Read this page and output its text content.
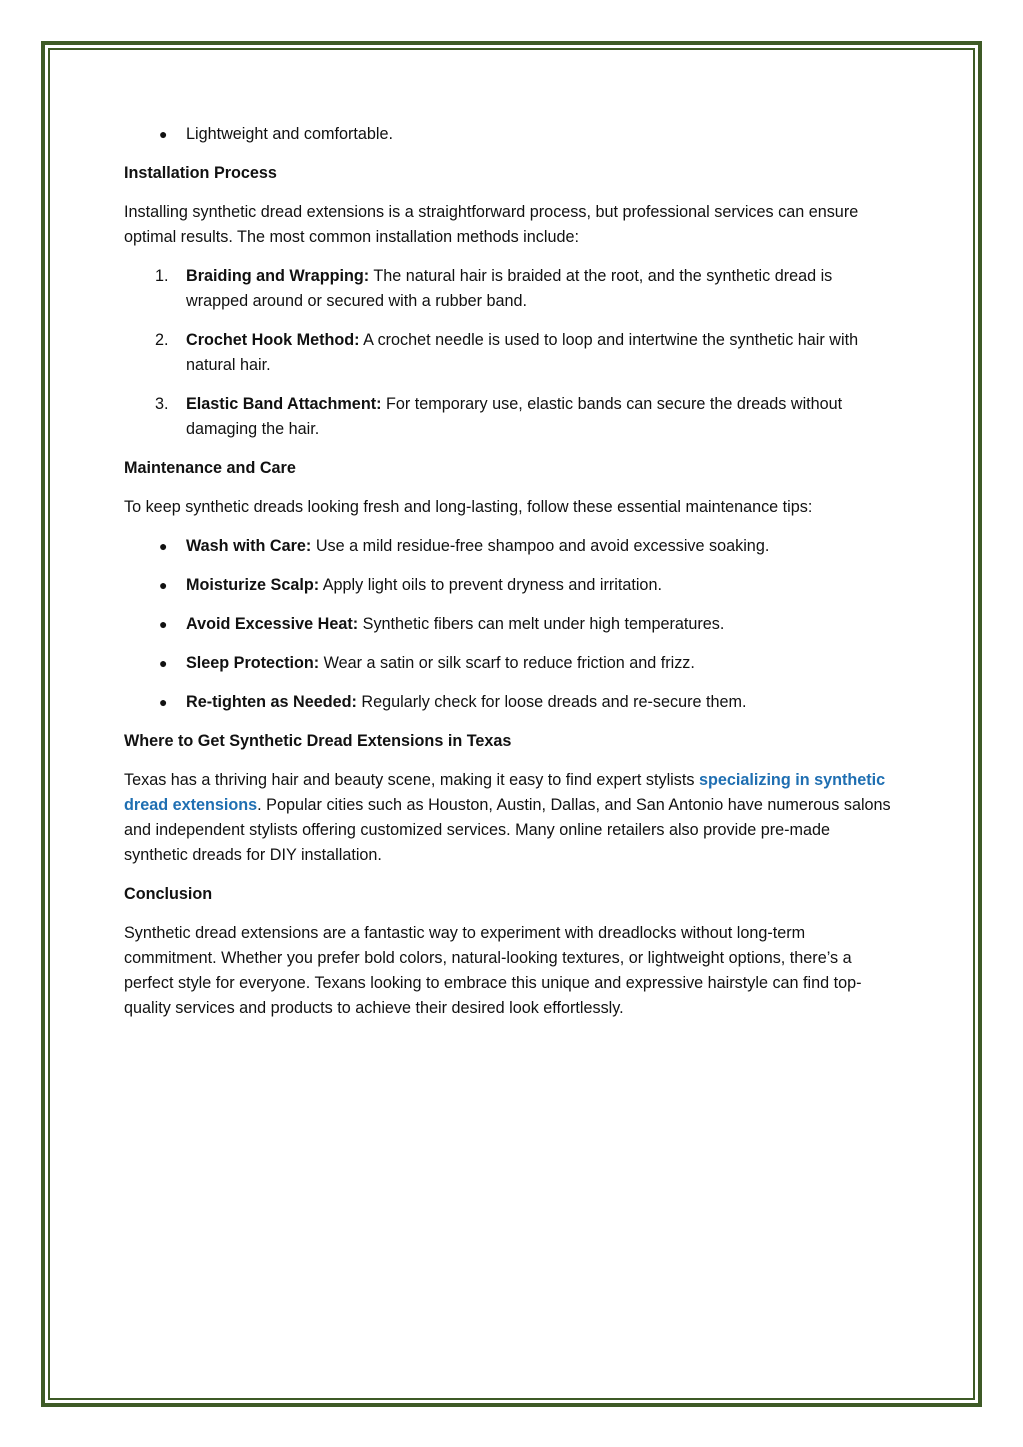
● Lightweight and comfortable.
Installation Process

Installing synthetic dread extensions is a straightforward process, but professional services can ensure optimal results. The most common installation methods include:

1. Braiding and Wrapping: The natural hair is braided at the root, and the synthetic dread is wrapped around or secured with a rubber band.
2. Crochet Hook Method: A crochet needle is used to loop and intertwine the synthetic hair with natural hair.
3. Elastic Band Attachment: For temporary use, elastic bands can secure the dreads without damaging the hair.
Maintenance and Care

To keep synthetic dreads looking fresh and long-lasting, follow these essential maintenance tips:

● Wash with Care: Use a mild residue-free shampoo and avoid excessive soaking.
● Moisturize Scalp: Apply light oils to prevent dryness and irritation.
● Avoid Excessive Heat: Synthetic fibers can melt under high temperatures.
● Sleep Protection: Wear a satin or silk scarf to reduce friction and frizz.
● Re-tighten as Needed: Regularly check for loose dreads and re-secure them.
Where to Get Synthetic Dread Extensions in Texas

Texas has a thriving hair and beauty scene, making it easy to find expert stylists specializing in synthetic dread extensions. Popular cities such as Houston, Austin, Dallas, and San Antonio have numerous salons and independent stylists offering customized services. Many online retailers also provide pre-made synthetic dreads for DIY installation.

Conclusion

Synthetic dread extensions are a fantastic way to experiment with dreadlocks without long-term commitment. Whether you prefer bold colors, natural-looking textures, or lightweight options, there’s a perfect style for everyone. Texans looking to embrace this unique and expressive hairstyle can find top-quality services and products to achieve their desired look effortlessly.
